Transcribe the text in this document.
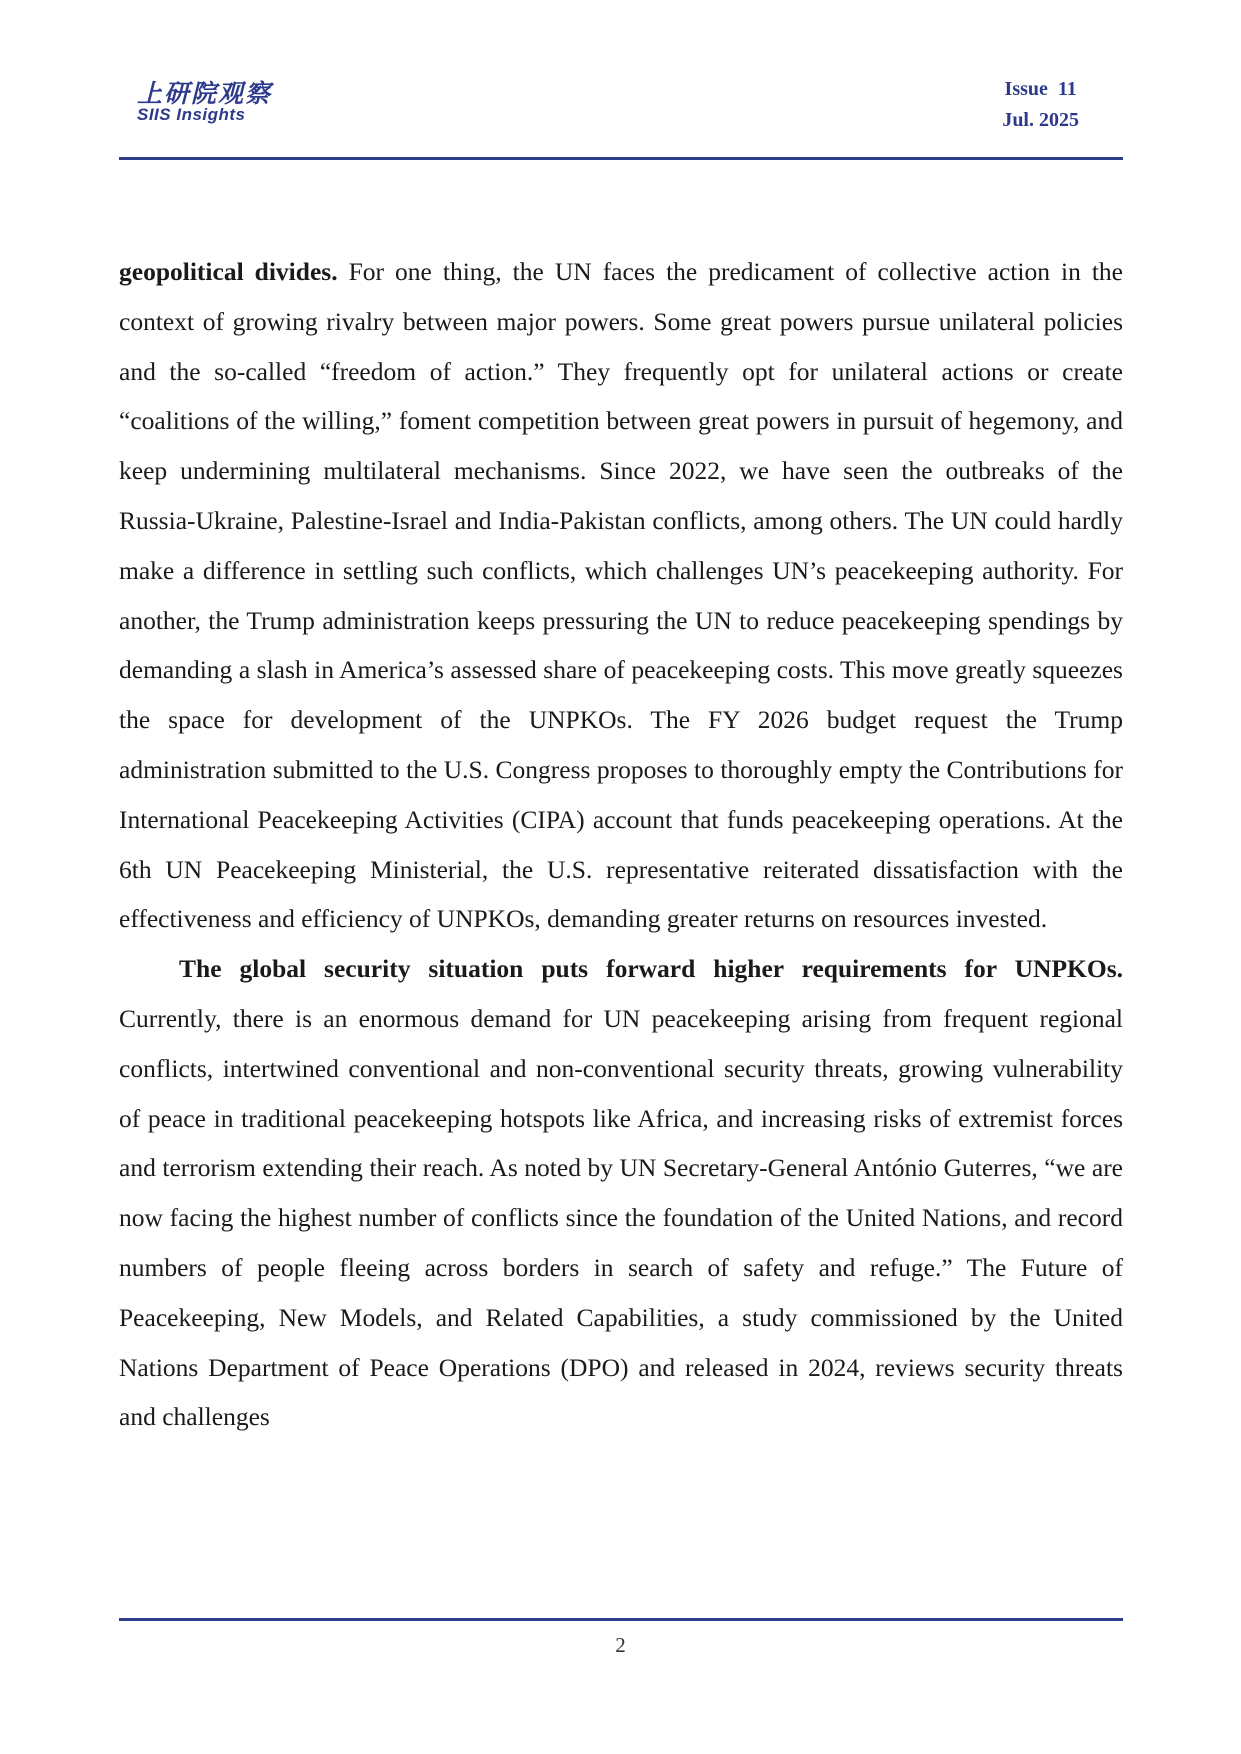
上研院观察
SIIS Insights
Issue  11
Jul. 2025

geopolitical divides. For one thing, the UN faces the predicament of collective action in the context of growing rivalry between major powers. Some great powers pursue unilateral policies and the so-called “freedom of action.” They frequently opt for unilateral actions or create “coalitions of the willing,” foment competition between great powers in pursuit of hegemony, and keep undermining multilateral mechanisms. Since 2022, we have seen the outbreaks of the Russia-Ukraine, Palestine-Israel and India-Pakistan conflicts, among others. The UN could hardly make a difference in settling such conflicts, which challenges UN’s peacekeeping authority. For another, the Trump administration keeps pressuring the UN to reduce peacekeeping spendings by demanding a slash in America’s assessed share of peacekeeping costs. This move greatly squeezes the space for development of the UNPKOs. The FY 2026 budget request the Trump administration submitted to the U.S. Congress proposes to thoroughly empty the Contributions for International Peacekeeping Activities (CIPA) account that funds peacekeeping operations. At the 6th UN Peacekeeping Ministerial, the U.S. representative reiterated dissatisfaction with the effectiveness and efficiency of UNPKOs, demanding greater returns on resources invested.

The global security situation puts forward higher requirements for UNPKOs. Currently, there is an enormous demand for UN peacekeeping arising from frequent regional conflicts, intertwined conventional and non-conventional security threats, growing vulnerability of peace in traditional peacekeeping hotspots like Africa, and increasing risks of extremist forces and terrorism extending their reach. As noted by UN Secretary-General António Guterres, “we are now facing the highest number of conflicts since the foundation of the United Nations, and record numbers of people fleeing across borders in search of safety and refuge.” The Future of Peacekeeping, New Models, and Related Capabilities, a study commissioned by the United Nations Department of Peace Operations (DPO) and released in 2024, reviews security threats and challenges

2
